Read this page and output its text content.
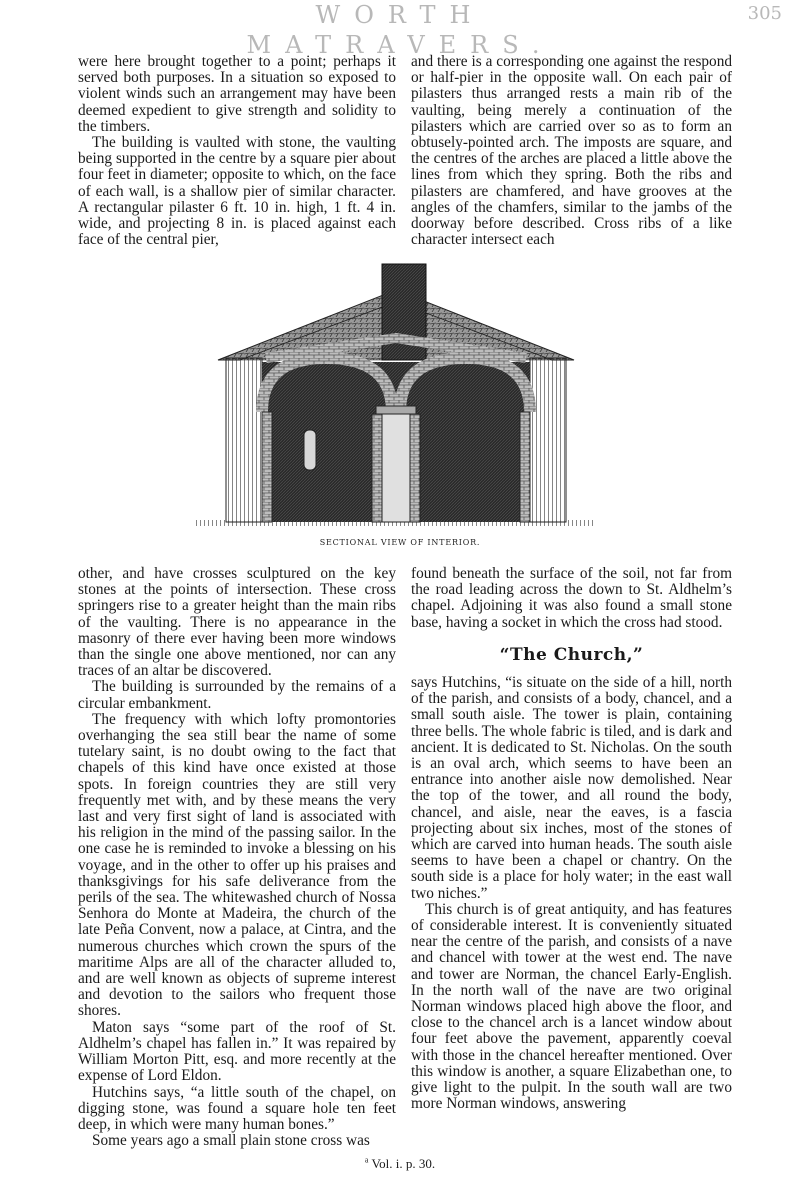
WORTH MATRAVERS.
305

were here brought together to a point; perhaps it served both purposes. In a situation so exposed to violent winds such an arrangement may have been deemed expedient to give strength and solidity to the timbers.

The building is vaulted with stone, the vaulting being supported in the centre by a square pier about four feet in diameter; opposite to which, on the face of each wall, is a shallow pier of similar character. A rectangular pilaster 6 ft. 10 in. high, 1 ft. 4 in. wide, and projecting 8 in. is placed against each face of the central pier,

and there is a corresponding one against the respond or half-pier in the opposite wall. On each pair of pilasters thus arranged rests a main rib of the vaulting, being merely a continuation of the pilasters which are carried over so as to form an obtusely-pointed arch. The imposts are square, and the centres of the arches are placed a little above the lines from which they spring. Both the ribs and pilasters are chamfered, and have grooves at the angles of the chamfers, similar to the jambs of the doorway before described. Cross ribs of a like character intersect each

SECTIONAL VIEW OF INTERIOR.

other, and have crosses sculptured on the key stones at the points of intersection. These cross springers rise to a greater height than the main ribs of the vaulting. There is no appearance in the masonry of there ever having been more windows than the single one above mentioned, nor can any traces of an altar be discovered.

The building is surrounded by the remains of a circular embankment.

The frequency with which lofty promontories overhanging the sea still bear the name of some tutelary saint, is no doubt owing to the fact that chapels of this kind have once existed at those spots. In foreign countries they are still very frequently met with, and by these means the very last and very first sight of land is associated with his religion in the mind of the passing sailor. In the one case he is reminded to invoke a blessing on his voyage, and in the other to offer up his praises and thanksgivings for his safe deliverance from the perils of the sea. The whitewashed church of Nossa Senhora do Monte at Madeira, the church of the late Peña Convent, now a palace, at Cintra, and the numerous churches which crown the spurs of the maritime Alps are all of the character alluded to, and are well known as objects of supreme interest and devotion to the sailors who frequent those shores.

Maton says “some part of the roof of St. Aldhelm’s chapel has fallen in.” It was repaired by William Morton Pitt, esq. and more recently at the expense of Lord Eldon.

Hutchins says, “a little south of the chapel, on digging stone, was found a square hole ten feet deep, in which were many human bones.”

Some years ago a small plain stone cross was

found beneath the surface of the soil, not far from the road leading across the down to St. Aldhelm’s chapel. Adjoining it was also found a small stone base, having a socket in which the cross had stood.

“The Church,”

says Hutchins, “is situate on the side of a hill, north of the parish, and consists of a body, chancel, and a small south aisle. The tower is plain, containing three bells. The whole fabric is tiled, and is dark and ancient. It is dedicated to St. Nicholas. On the south is an oval arch, which seems to have been an entrance into another aisle now demolished. Near the top of the tower, and all round the body, chancel, and aisle, near the eaves, is a fascia projecting about six inches, most of the stones of which are carved into human heads. The south aisle seems to have been a chapel or chantry. On the south side is a place for holy water; in the east wall two niches.”

This church is of great antiquity, and has features of considerable interest. It is conveniently situated near the centre of the parish, and consists of a nave and chancel with tower at the west end. The nave and tower are Norman, the chancel Early-English. In the north wall of the nave are two original Norman windows placed high above the floor, and close to the chancel arch is a lancet window about four feet above the pavement, apparently coeval with those in the chancel hereafter mentioned. Over this window is another, a square Elizabethan one, to give light to the pulpit. In the south wall are two more Norman windows, answering

$^a$ Vol. i. p. 30.
